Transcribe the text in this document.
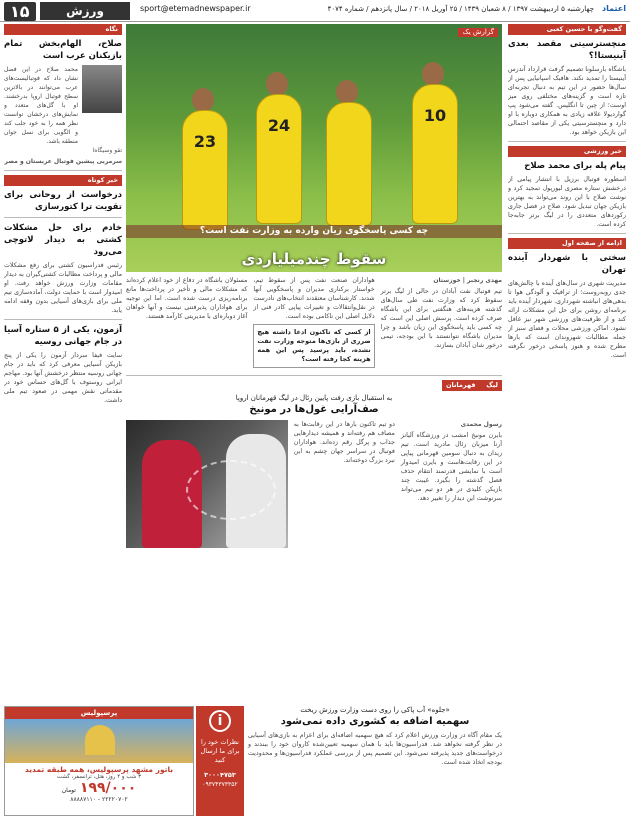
اعتماد
چهارشنبه ۵ اردیبهشت ۱۳۹۷ / ۸ شعبان ۱۴۳۹ / ۲۵ آوریل ۲۰۱۸ / سال پانزدهم / شماره ۴۰۷۴
sport@etemadnewspaper.ir
ورزش
۱۵
گفت‌وگو با حسین کعبی
منچستر‌سیتی مقصد بعدی آینیستا!؟
باشگاه بارسلونا تصمیم گرفت قرارداد آندرس آینیستا را تمدید نکند. هافبک اسپانیایی پس از سال‌ها حضور در این تیم به دنبال تجربه‌ای تازه است و گزینه‌های مختلفی روی میز اوست؛ از چین تا انگلیس. گفته می‌شود پپ گواردیولا علاقه زیادی به همکاری دوباره با او دارد و منچسترسیتی یکی از مقاصد احتمالی این بازیکن خواهد بود.
خبر ورزشی
پیام پله برای محمد صلاح
اسطوره فوتبال برزیل با انتشار پیامی از درخشش ستاره مصری لیورپول تمجید کرد و نوشت صلاح با این روند می‌تواند به بهترین بازیکن جهان تبدیل شود. صلاح در فصل جاری رکوردهای متعددی را در لیگ برتر جابه‌جا کرده است.
ادامه از صفحه اول
سختی با شهردار آینده تهران
مدیریت شهری در سال‌های آینده با چالش‌های جدی روبه‌روست؛ از ترافیک و آلودگی هوا تا بدهی‌های انباشته شهرداری. شهردار آینده باید برنامه‌ای روشن برای حل این مشکلات ارائه کند و از ظرفیت‌های ورزشی شهر نیز غافل نشود. اماکن ورزشی محلات و فضای سبز از جمله مطالبات شهروندان است که بارها مطرح شده و هنوز پاسخی درخور نگرفته است.
نگاه
صلاح، الهام‌بخش تمام بازیکنان عرب است
محمد صلاح در این فصل نشان داد که فوتبالیست‌های عرب می‌توانند در بالاترین سطح فوتبال اروپا بدرخشند. او با گل‌های متعدد و نمایش‌های درخشان توانست نظر همه را به خود جلب کند و الگویی برای نسل جوان منطقه باشد.
تقو وسیگاه‌ا
سرمربی پیشین فوتبال عربستان و مصر
خبر کوتاه
درخواست از روحانی برای تقویت ترا کتورسازی
خادم برای حل مشکلات کشتی به دیدار لاتوچی می‌رود
رئیس فدراسیون کشتی برای رفع مشکلات مالی و پرداخت مطالبات کشتی‌گیران به دیدار مقامات وزارت ورزش خواهد رفت. او امیدوار است با حمایت دولت، آماده‌سازی تیم ملی برای بازی‌های آسیایی بدون وقفه ادامه یابد.
آزمون، یکی از ۵ ستاره آسیا در جام جهانی روسیه
سایت فیفا سردار آزمون را یکی از پنج بازیکن آسیایی معرفی کرد که باید در جام جهانی روسیه منتظر درخشش آنها بود. مهاجم ایرانی روستوف با گل‌های حساس خود در مقدماتی نقش مهمی در صعود تیم ملی داشت.
گزارش یک
23
24
10
چه کسی پاسخگوی زیان وارده به وزارت نفت است؟
سقوط چندمیلیاردی
مهدی رنجبر | خوزستان
تیم فوتبال نفت آبادان در حالی از لیگ برتر سقوط کرد که وزارت نفت طی سال‌های گذشته هزینه‌های هنگفتی برای این باشگاه صرف کرده است. پرسش اصلی این است که چه کسی باید پاسخگوی این زیان باشد و چرا مدیران باشگاه نتوانستند با این بودجه، تیمی درخور شان آبادان بسازند.
هواداران صنعت نفت پس از سقوط تیم، خواستار برکناری مدیران و پاسخگویی آنها شدند. کارشناسان معتقدند انتخاب‌های نادرست در نقل‌وانتقالات و تغییرات پیاپی کادر فنی از دلایل اصلی این ناکامی بوده است.
از کسی که تاکنون ادعا داشته هیچ ضرری از بازی‌ها متوجه وزارت نفت نشده، باید پرسید پس این همه هزینه کجا رفته است؟
مسئولان باشگاه در دفاع از خود اعلام کرده‌اند که مشکلات مالی و تأخیر در پرداخت‌ها مانع برنامه‌ریزی درست شده است. اما این توجیه برای هواداران پذیرفتنی نیست و آنها خواهان آغاز دوباره‌ای با مدیریتی کارآمد هستند.
لیگ قهرمانان اروپا
به استقبال بازی رفت پایین رئال در لیگ قهرمانان اروپا
صف‌آرایی غول‌ها در مونیخ
رسول محمدی
بایرن مونیخ امشب در ورزشگاه آلیانز آرنا میزبان رئال مادرید است. تیم زیدان به دنبال سومین قهرمانی پیاپی در این رقابت‌هاست و بایرن امیدوار است با نمایشی قدرتمند انتقام حذف فصل گذشته را بگیرد. غیبت چند بازیکن کلیدی در هر دو تیم می‌تواند سرنوشت این دیدار را تغییر دهد.
دو تیم تاکنون بارها در این رقابت‌ها به مصاف هم رفته‌اند و همیشه دیدارهایی جذاب و پرگل رقم زده‌اند. هواداران فوتبال در سراسر جهان چشم به این نبرد بزرگ دوخته‌اند.
پرسپولیس
باتور مشهد پرسپولیس، همه طبقه تمدید
۳ شب و ۴ روز، هتل، ترانسفر، گشت
۱۹۹/۰۰۰
تومان
۸۸۸۸۷۱۱۰ - ۲۲۲۲۰۷۰۲
i
نظرات خود را برای ما ارسال کنید
۳۰۰۰۴۷۵۳
۰۹۳۷۴۳۷۳۳۵۲
«جلوه» آب پاکی را روی دست وزارت ورزش ریخت
سهمیه اضافه به کشوری داده نمی‌شود
یک مقام آگاه در وزارت ورزش اعلام کرد که هیچ سهمیه اضافه‌ای برای اعزام به بازی‌های آسیایی در نظر گرفته نخواهد شد. فدراسیون‌ها باید با همان سهمیه تعیین‌شده کاروان خود را ببندند و درخواست‌های جدید پذیرفته نمی‌شود. این تصمیم پس از بررسی عملکرد فدراسیون‌ها و محدودیت بودجه اتخاذ شده است.
